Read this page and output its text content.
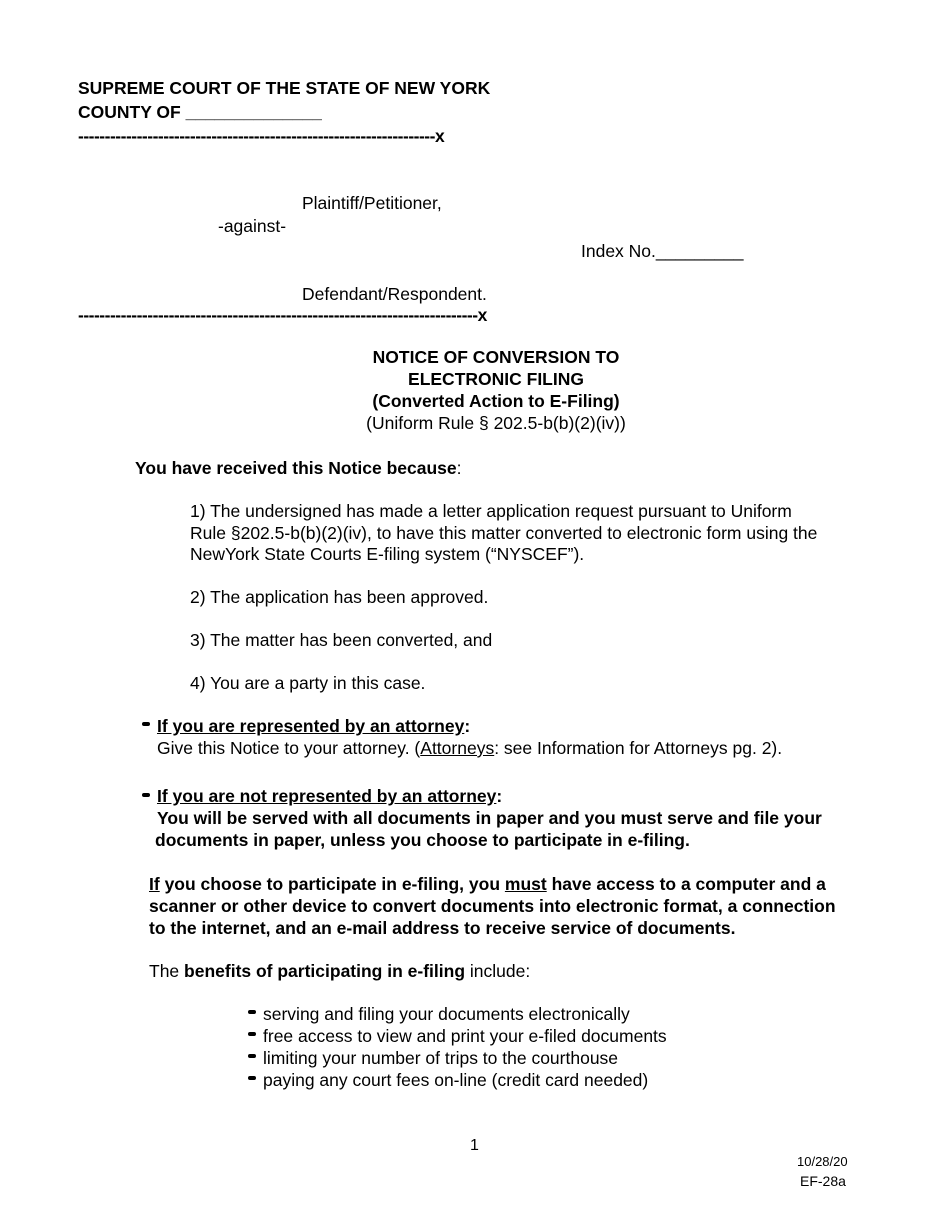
SUPREME COURT OF THE STATE OF NEW YORK
COUNTY OF ______________
-------------------------------------------------------------------x
Plaintiff/Petitioner,
-against-
Index No._________
Defendant/Respondent.
---------------------------------------------------------------------------x
NOTICE OF CONVERSION TO
ELECTRONIC FILING
(Converted Action to E-Filing)
(Uniform Rule § 202.5-b(b)(2)(iv))
You have received this Notice because:
1) The undersigned has made a letter application request pursuant to Uniform
Rule §202.5-b(b)(2)(iv), to have this matter converted to electronic form using the
NewYork State Courts E-filing system (“NYSCEF”).
2) The application has been approved.
3) The matter has been converted, and
4) You are a party in this case.
If you are represented by an attorney:
Give this Notice to your attorney. (Attorneys: see Information for Attorneys pg. 2).
If you are not represented by an attorney:
You will be served with all documents in paper and you must serve and file your
documents in paper, unless you choose to participate in e-filing.
If you choose to participate in e-filing, you must have access to a computer and a
scanner or other device to convert documents into electronic format, a connection
to the internet, and an e-mail address to receive service of documents.
The benefits of participating in e-filing include:
serving and filing your documents electronically
free access to view and print your e-filed documents
limiting your number of trips to the courthouse
paying any court fees on-line (credit card needed)
1
10/28/20
EF-28a
